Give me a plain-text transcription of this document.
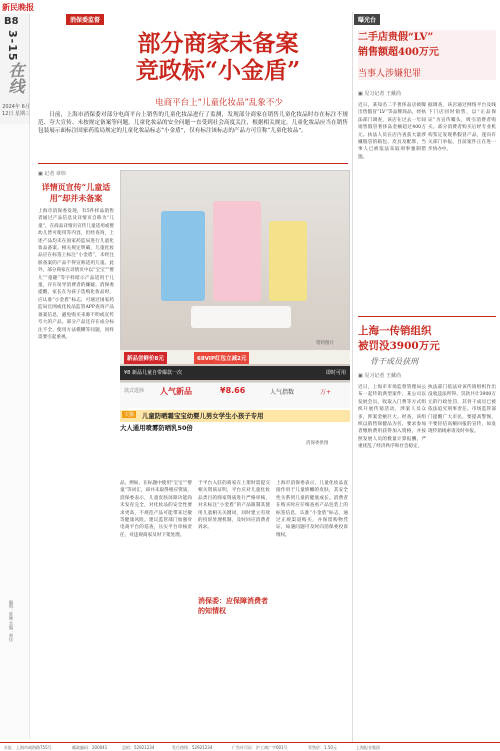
新民晚报
B8
3-15
在线
2024年 6月12日 星期三
编辑：陈颖 美编：黄佳
消保委监督	曝光台
部分商家未备案
竞政标“小金盾”
电商平台上“儿童化妆品”乱象不少
日前，上海市消保委对部分电商平台上销售的儿童化妆品进行了监测，发现部分商家在销售儿童化妆品时存在标注不规范、夸大宣传、未按规定备案等问题。儿童化妆品的安全问题一直受到社会高度关注，根据相关规定，儿童化妆品应当在销售包装展示面标注国家药监局规定的儿童化妆品标志“小金盾”，仅有标注该标志的产品方可宣称“儿童化妆品”。
▣ 记者 章炜
详情页宣传“儿童适用”却并未备案
上海市消保委发现，有5件样品销售者通过产品信息及详情页自称为“儿童”，在商品详情页宣传儿童适用或婴幼儿皆可使用等内容，但经查询，上述产品均未在国家药监局进行儿童化妆品备案。相关规定明确，儿童化妆品应在标签上标注“小金盾”，未经注册备案的产品不得宣称适用儿童。此外，部分商家在详情页中以“宝宝”“婴儿”“童趣”等字样暗示产品适用于儿童，存在误导消费者的嫌疑。消保委提醒，家长在为孩子选购化妆品时，应认准“小金盾”标志，可通过国家药监局官网或化妆品监管APP查询产品备案信息，避免购买来源不明或宣传夸大的产品。部分产品还存在成分标注不全、使用方法模糊等问题，同样需要引起重视。
资料图片
新品尝鲜价8元	68VIP红包立减2元
¥8 新品儿童自带爆款一次	即时可用
款式选择 人气新品	¥8.66	人气指数	万+
儿童防晒霜宝宝幼婴儿男女学生小孩子专用
天猫
大人通用喷雾防晒乳50倍
消保委供图
品，例如，在标题中使用“宝宝”“婴童”等词汇，却并未取得相应资质，消保委表示，儿童皮肤屏障功能尚未发育完全，对化妆品的安全性要求更高，不规范产品可能带来过敏等健康风险。建议监管部门加强对电商平台的巡查，压实平台审核责任，对违规商家及时下架处理。
于平台入驻的商家在上架时需提交相关资质证明，平台应对儿童化妆品类目的商家资质进行严格审核，对未标注“小金盾”的产品限制其使用儿童相关关键词，同时建立有效的投诉处理机制，及时回应消费者诉求。
消保委：应保障消费者的知情权
上海市消保委表示，儿童化妆品直接作用于儿童娇嫩的皮肤，其安全性关系到儿童的健康成长。消费者在购买时应仔细查看产品包装上的标签信息，认准“小金盾”标志，通过正规渠道购买，并保留购物凭证，如遇问题可及时向消保委投诉维权。
二手店贵假“LV”
销售额超400万元
当事人涉嫌犯罪
▣ 见习记者 王戴尚
近日，某知名二手奢侈品店被曝出售假冒“LV”等品牌商品，经执法部门调查，该店在过去一年间销售假冒奢侈品金额超过400万元。执法人员在店内查获大量涉嫌假冒的箱包、皮具及配饰，当事人已被依法采取刑事强制措施。
据调查，该店通过网络平台及线下门店同时销售，以“正品保证”为宣传噱头，吸引消费者购买。部分消费者购买后经专业机构鉴定发现系假冒产品，遂向有关部门举报。目前案件正在进一步侦办中。
上海一传销组织
被罚没3900万元
骨干成员获刑
▣ 见习记者 王戴尚
近日，上海市市场监督管理局公布一起传销典型案件，某公司以发展会员、收取入门费等方式组织开展传销活动，涉案人员众多，涉案金额巨大。经查，该组织以销售保健品为名，要求参加者缴纳费用获得加入资格，并按照发展人员的数量计算报酬，严重扰乱了经济秩序和社会稳定。
执法部门依法对该传销组织作出没收违法所得、罚款共计3900万元的行政处罚，其骨干成员已被依法追究刑事责任。市场监管部门提醒广大市民，要提高警惕，不要轻信高额回报的宣传，如发现传销线索请及时举报。
社址：上海市威海路755号	邮政编码：200041	总机：52921234	发行热线：52921234	广告许可证：沪工商广字001号	零售价：1.50元	上海报业集团
